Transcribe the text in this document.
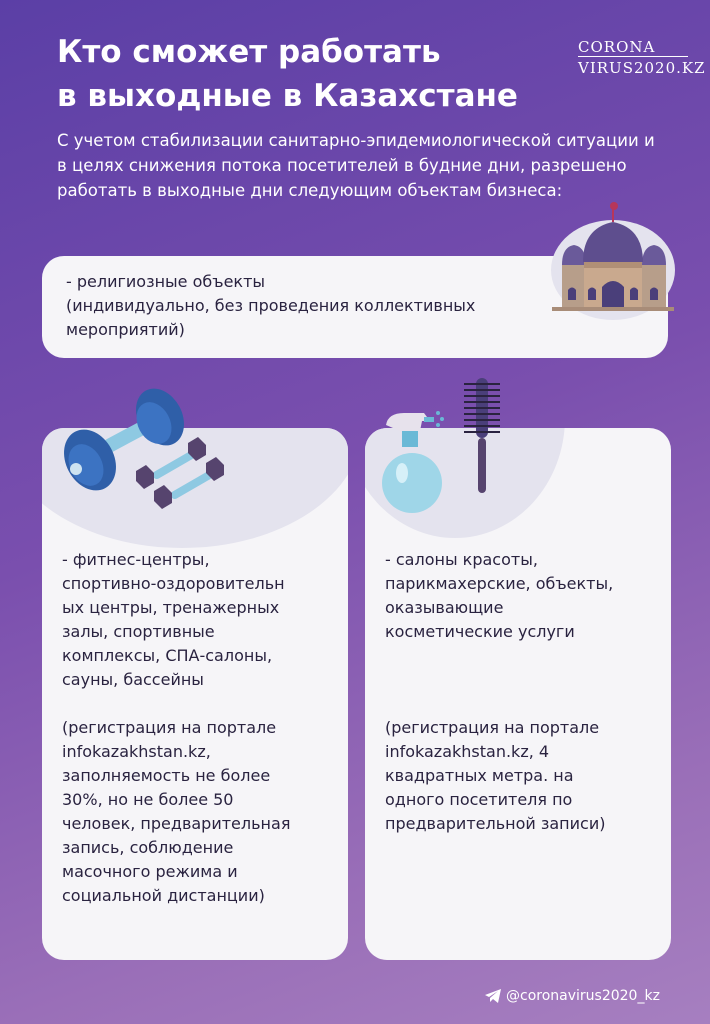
Кто сможет работать
в выходные в Казахстане
CORONA
VIRUS2020.KZ

С учетом стабилизации санитарно-эпидемиологической ситуации и в целях снижения потока посетителей в будние дни, разрешено работать в выходные дни следующим объектам бизнеса:

- религиозные объекты
(индивидуально, без проведения коллективных
мероприятий)
- фитнес-центры,
спортивно-оздоровительн
ых центры, тренажерных
залы, спортивные
комплексы, СПА-салоны,
сауны, бассейны

(регистрация на портале
infokazakhstan.kz,
заполняемость не более
30%, но не более 50
человек, предварительная
запись, соблюдение
масочного режима и
социальной дистанции)
- салоны красоты,
парикмахерские, объекты,
оказывающие
косметические услуги

(регистрация на портале
infokazakhstan.kz, 4
квадратных метра. на
одного посетителя по
предварительной записи)
@coronavirus2020_kz
